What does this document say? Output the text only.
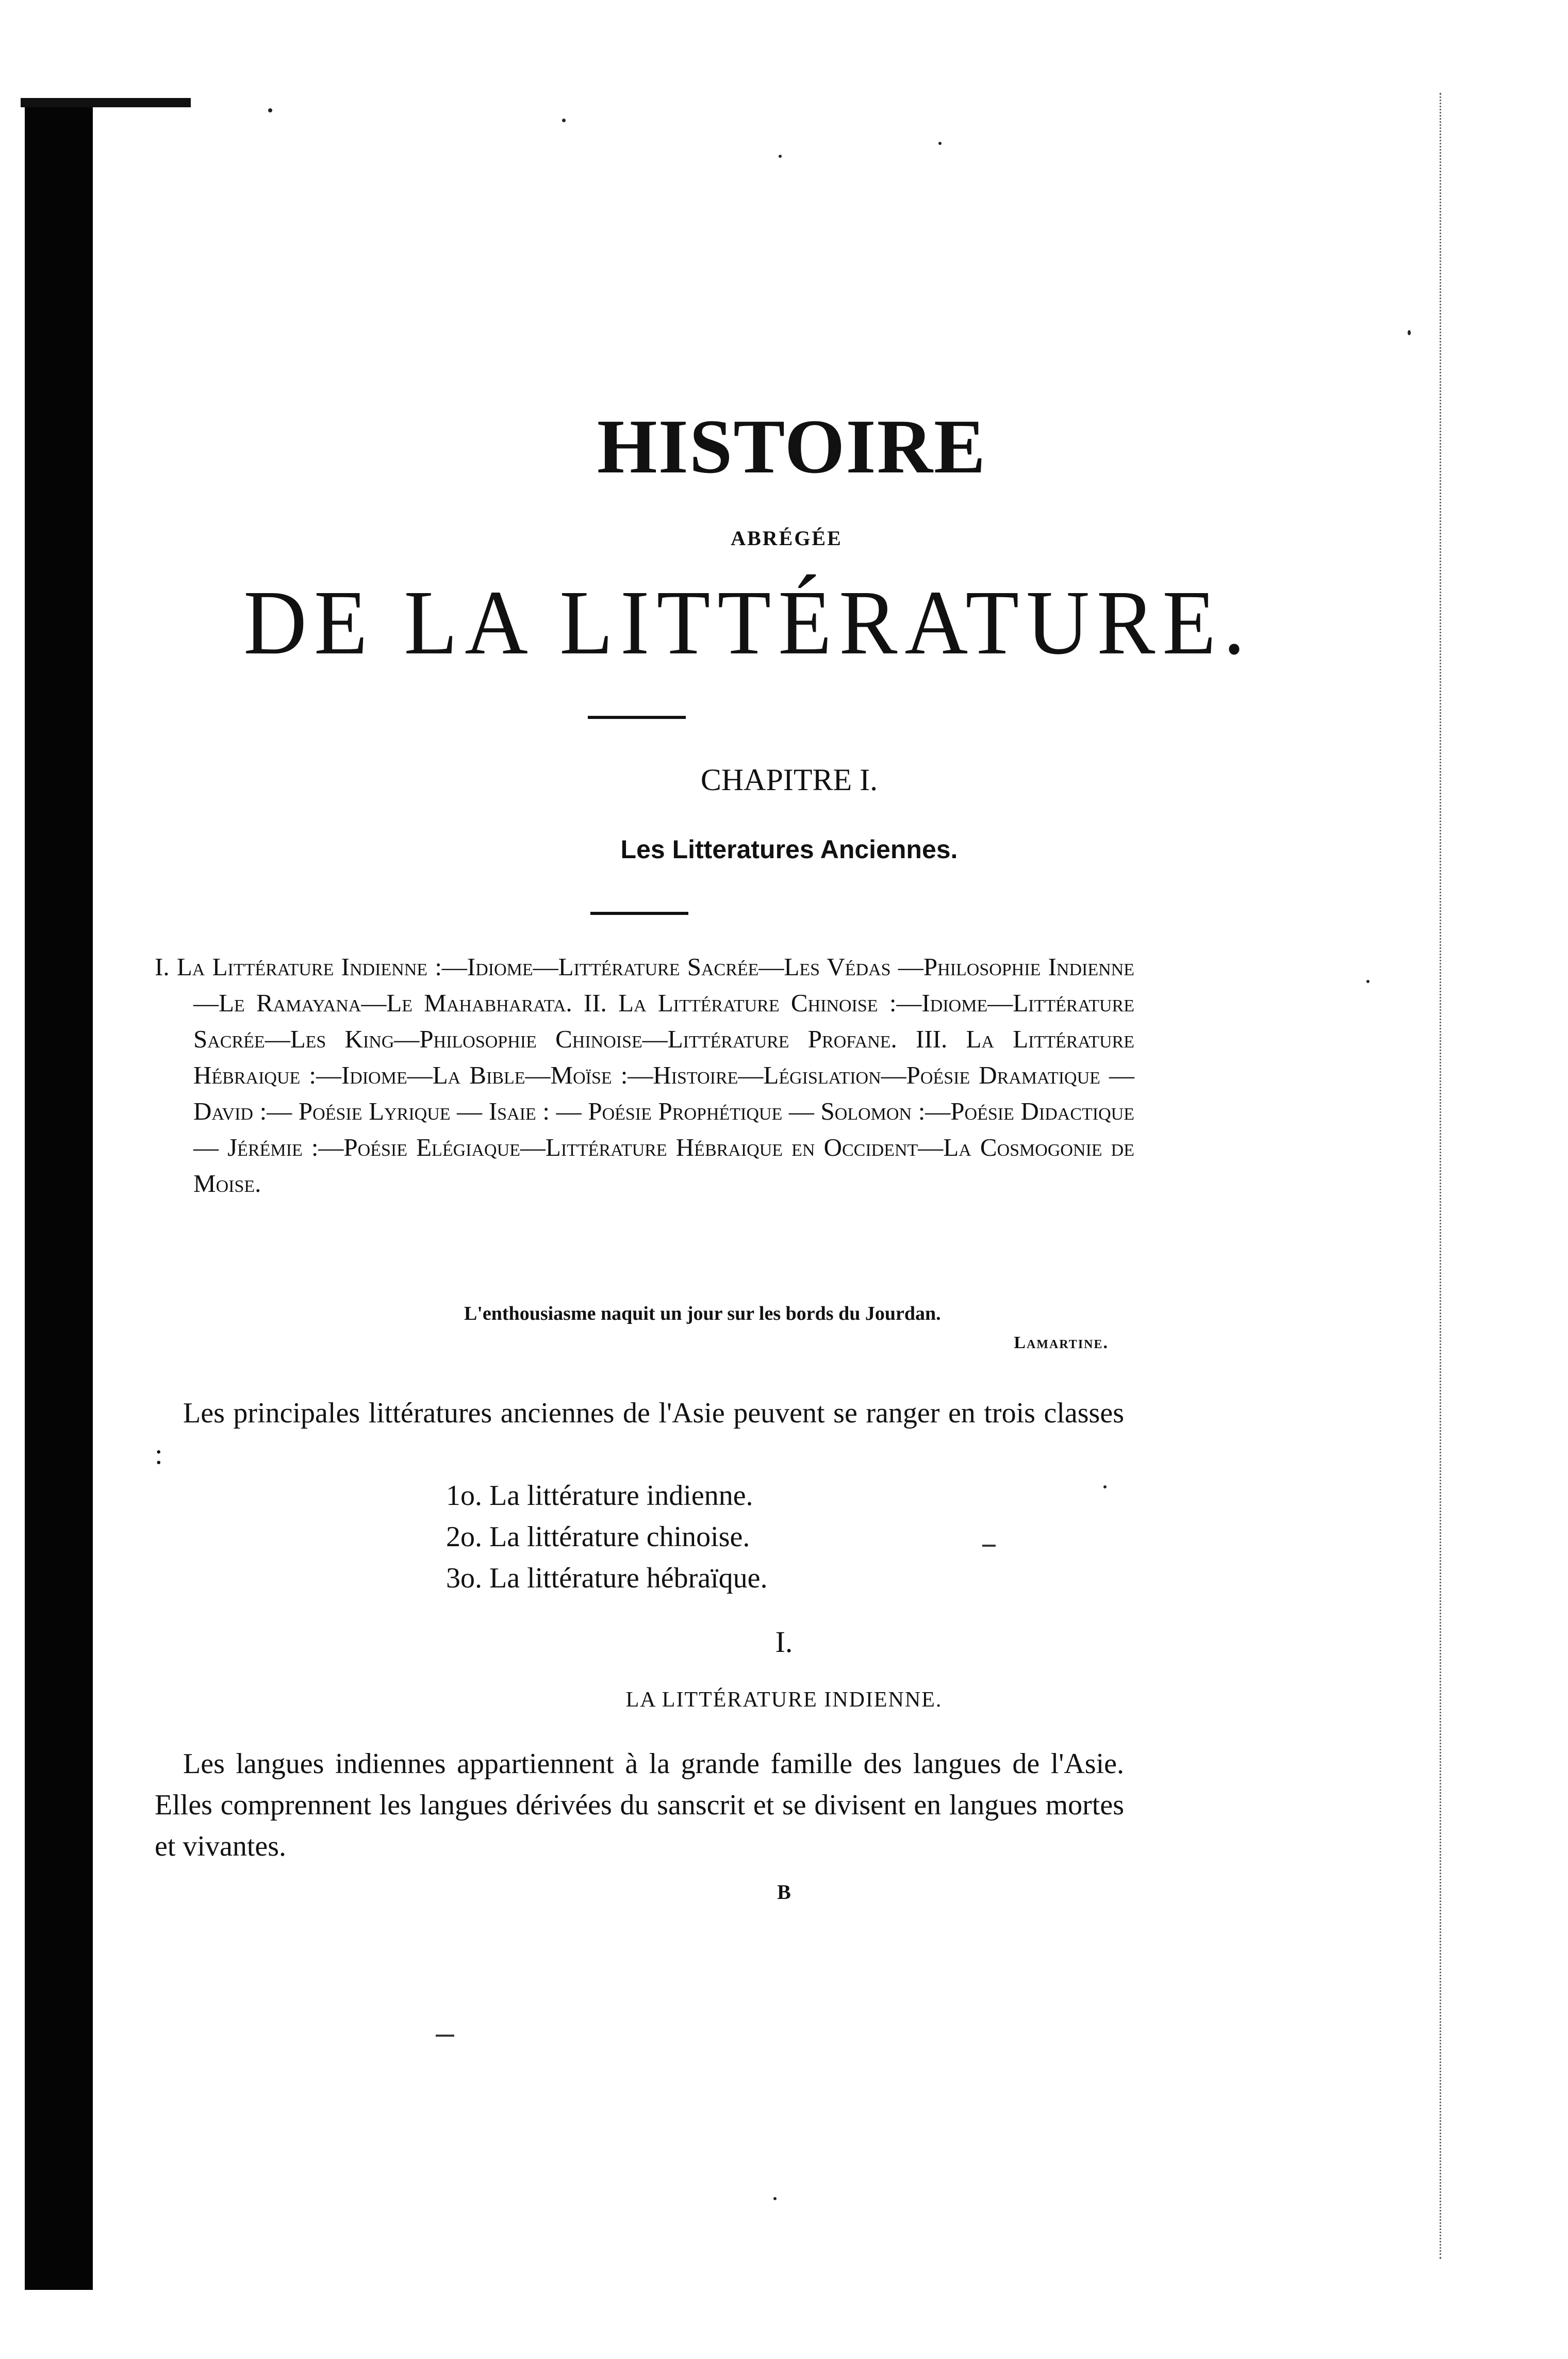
HISTOIRE
ABRÉGÉE
DE LA LITTÉRATURE.
CHAPITRE I.
Les Litteratures Anciennes.
I. La Littérature Indienne :—Idiome—Littérature Sacrée—Les Védas —Philosophie Indienne—Le Ramayana—Le Mahabharata. II. La Littérature Chinoise :—Idiome—Littérature Sacrée—Les King—Philosophie Chinoise—Littérature Profane. III. La Littérature Hébraique :—Idiome—La Bible—Moïse :—Histoire—Législation—Poésie Dramatique —David :— Poésie Lyrique — Isaie : — Poésie Prophétique — Solomon :—Poésie Didactique — Jérémie :—Poésie Elégiaque—Littérature Hébraique en Occident—La Cosmogonie de Moise.
L'enthousiasme naquit un jour sur les bords du Jourdan.
Lamartine.
Les principales littératures anciennes de l'Asie peuvent se ranger en trois classes :
1o. La littérature indienne.
2o. La littérature chinoise.
3o. La littérature hébraïque.
I.
LA LITTÉRATURE INDIENNE.
Les langues indiennes appartiennent à la grande famille des langues de l'Asie. Elles comprennent les langues dérivées du sanscrit et se divisent en langues mortes et vivantes.
B
